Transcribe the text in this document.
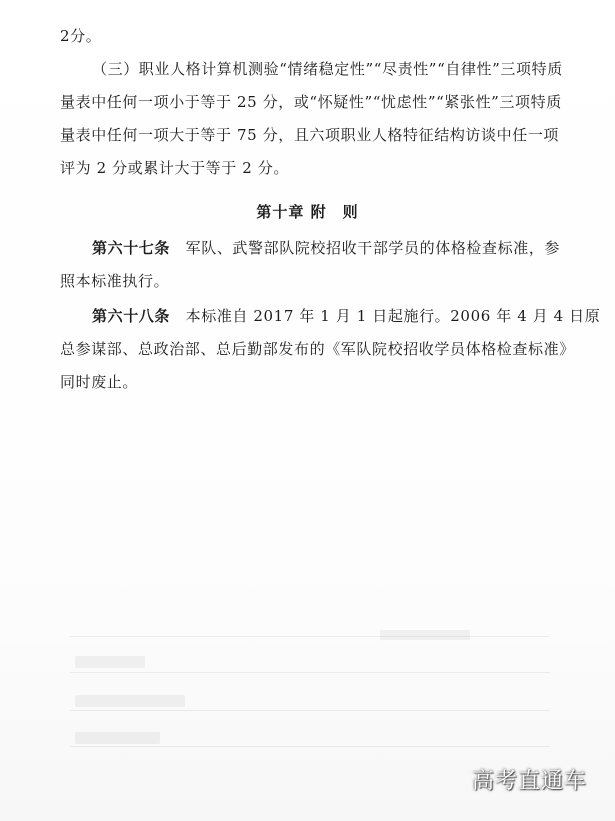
2分。
（三）职业人格计算机测验“情绪稳定性”“尽责性”“自律性”三项特质
量表中任何一项小于等于 25 分，或“怀疑性”“忧虑性”“紧张性”三项特质
量表中任何一项大于等于 75 分，且六项职业人格特征结构访谈中任一项
评为 2 分或累计大于等于 2 分。
第十章 附　则
第六十七条　军队、武警部队院校招收干部学员的体格检查标准，参
照本标准执行。
第六十八条　本标准自 2017 年 1 月 1 日起施行。2006 年 4 月 4 日原
总参谋部、总政治部、总后勤部发布的《军队院校招收学员体格检查标准》
同时废止。
高考直通车
